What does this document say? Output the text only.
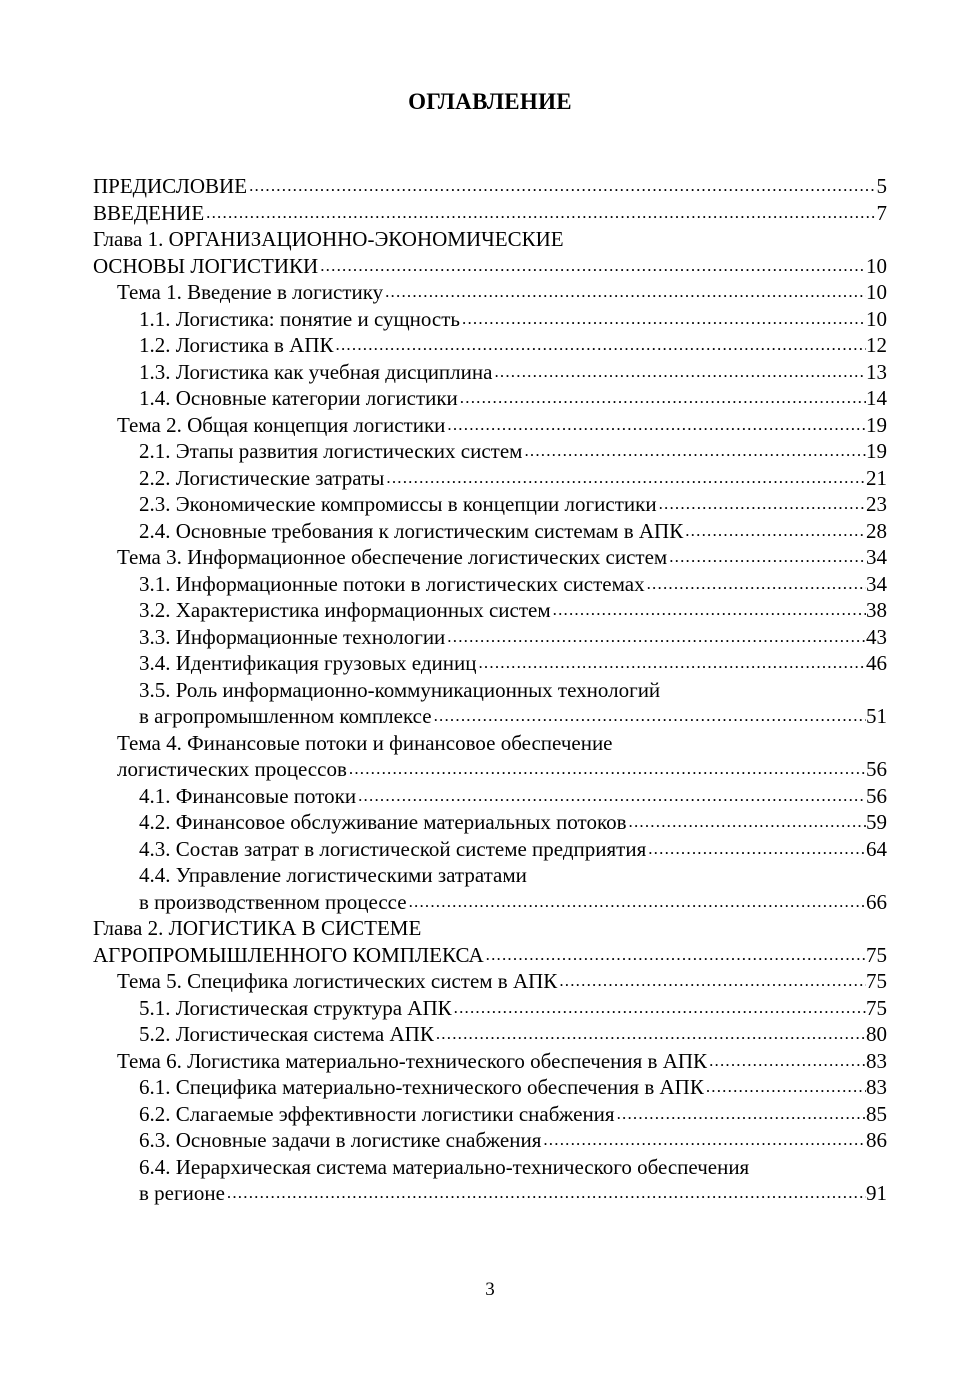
ОГЛАВЛЕНИЕ
ПРЕДИСЛОВИЕ .....	5
ВВЕДЕНИЕ .....	7
Глава 1. ОРГАНИЗАЦИОННО-ЭКОНОМИЧЕСКИЕ
ОСНОВЫ ЛОГИСТИКИ .....	10
Тема 1. Введение в логистику .....	10
1.1. Логистика: понятие и сущность .....	10
1.2. Логистика в АПК .....	12
1.3. Логистика как учебная дисциплина .....	13
1.4. Основные категории логистики .....	14
Тема 2. Общая концепция логистики .....	19
2.1. Этапы развития логистических систем .....	19
2.2. Логистические затраты .....	21
2.3. Экономические компромиссы в концепции логистики .....	23
2.4. Основные требования к логистическим системам в АПК .....	28
Тема 3. Информационное обеспечение логистических систем .....	34
3.1. Информационные потоки в логистических системах .....	34
3.2. Характеристика информационных систем .....	38
3.3. Информационные технологии .....	43
3.4. Идентификация грузовых единиц .....	46
3.5. Роль информационно-коммуникационных технологий
в агропромышленном комплексе .....	51
Тема 4. Финансовые потоки и финансовое обеспечение
логистических процессов .....	56
4.1. Финансовые потоки .....	56
4.2. Финансовое обслуживание материальных потоков .....	59
4.3. Состав затрат в логистической системе предприятия .....	64
4.4. Управление логистическими затратами
в производственном процессе .....	66
Глава 2. ЛОГИСТИКА В СИСТЕМЕ
АГРОПРОМЫШЛЕННОГО КОМПЛЕКСА .....	75
Тема 5. Специфика логистических систем в АПК .....	75
5.1. Логистическая структура АПК .....	75
5.2. Логистическая система АПК .....	80
Тема 6. Логистика материально-технического обеспечения в АПК .....	83
6.1. Специфика материально-технического обеспечения в АПК .....	83
6.2. Слагаемые эффективности логистики снабжения .....	85
6.3. Основные задачи в логистике снабжения .....	86
6.4. Иерархическая система материально-технического обеспечения
в регионе .....	91
3
